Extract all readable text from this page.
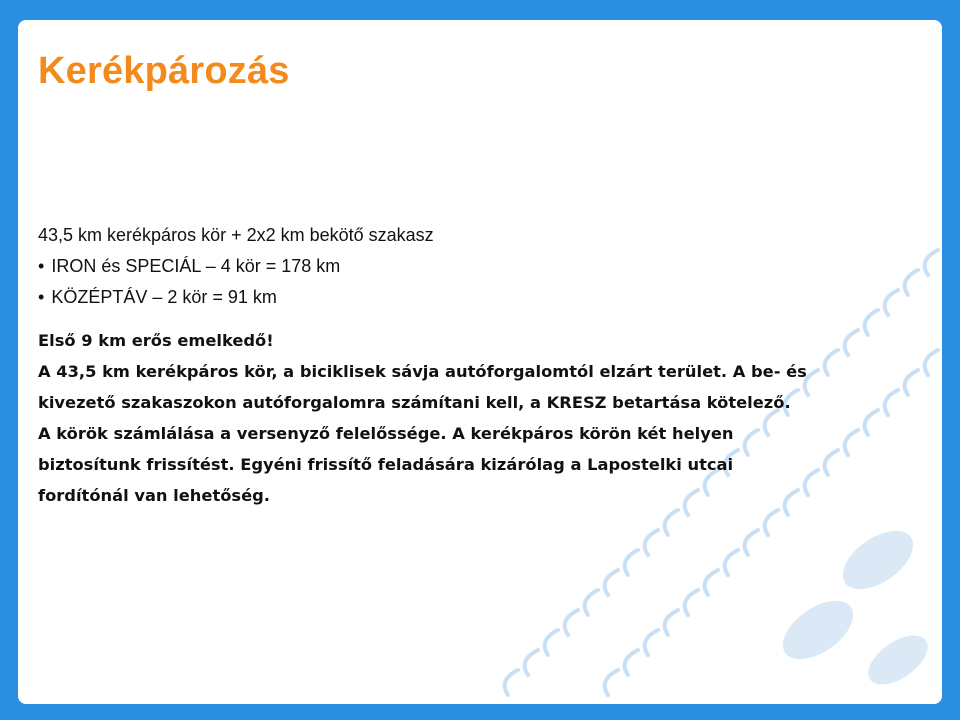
Kerékpározás

43,5 km kerékpáros kör + 2x2 km bekötő szakasz

• IRON és SPECIÁL – 4 kör = 178 km

• KÖZÉPTÁV – 2 kör = 91 km

Első 9 km erős emelkedő!

A 43,5 km kerékpáros kör, a biciklisek sávja autóforgalomtól elzárt terület. A be- és

kivezető szakaszokon autóforgalomra számítani kell, a KRESZ betartása kötelező.

A körök számlálása a versenyző felelőssége. A kerékpáros körön két helyen

biztosítunk frissítést. Egyéni frissítő feladására kizárólag a Lapostelki utcai

fordítónál van lehetőség.
